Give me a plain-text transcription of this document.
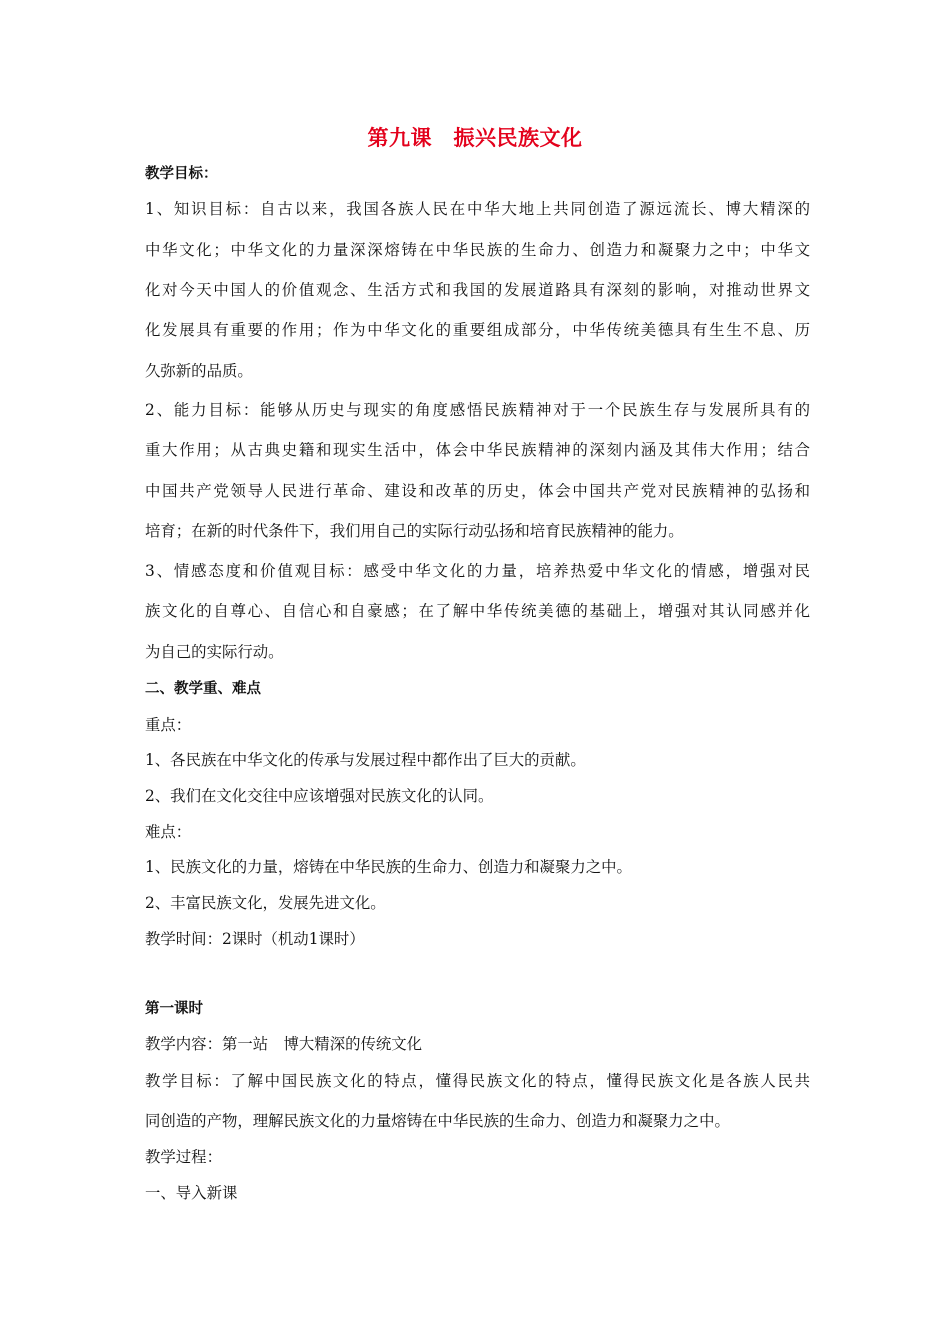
第九课　振兴民族文化
教学目标：
1、知识目标：自古以来，我国各族人民在中华大地上共同创造了源远流长、博大精深的
中华文化；中华文化的力量深深熔铸在中华民族的生命力、创造力和凝聚力之中；中华文
化对今天中国人的价值观念、生活方式和我国的发展道路具有深刻的影响，对推动世界文
化发展具有重要的作用；作为中华文化的重要组成部分，中华传统美德具有生生不息、历
久弥新的品质。
2、能力目标：能够从历史与现实的角度感悟民族精神对于一个民族生存与发展所具有的
重大作用；从古典史籍和现实生活中，体会中华民族精神的深刻内涵及其伟大作用；结合
中国共产党领导人民进行革命、建设和改革的历史，体会中国共产党对民族精神的弘扬和
培育；在新的时代条件下，我们用自己的实际行动弘扬和培育民族精神的能力。
3、情感态度和价值观目标：感受中华文化的力量，培养热爱中华文化的情感，增强对民
族文化的自尊心、自信心和自豪感；在了解中华传统美德的基础上，增强对其认同感并化
为自己的实际行动。
二、教学重、难点
重点：
1、各民族在中华文化的传承与发展过程中都作出了巨大的贡献。
2、我们在文化交往中应该增强对民族文化的认同。
难点：
1、民族文化的力量，熔铸在中华民族的生命力、创造力和凝聚力之中。
2、丰富民族文化，发展先进文化。
教学时间：2课时（机动1课时）
第一课时
教学内容：第一站　博大精深的传统文化
教学目标：了解中国民族文化的特点，懂得民族文化的特点，懂得民族文化是各族人民共
同创造的产物，理解民族文化的力量熔铸在中华民族的生命力、创造力和凝聚力之中。
教学过程：
一、导入新课
